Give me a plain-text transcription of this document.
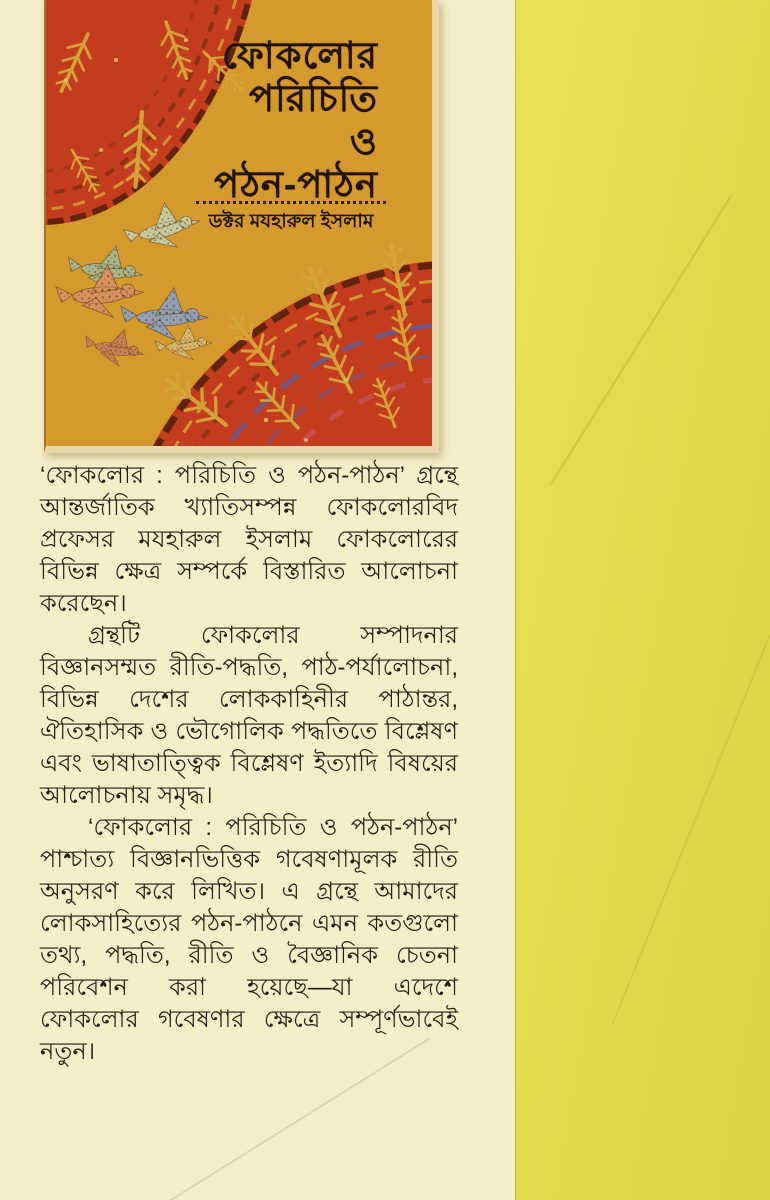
ফোকলোর
পরিচিতি
ও
পঠন-পাঠন
ডক্টর মযহারুল ইসলাম

‘ফোকলোর : পরিচিতি ও পঠন-পাঠন’ গ্রন্থে আন্তর্জাতিক খ্যাতিসম্পন্ন ফোকলোরবিদ প্রফেসর মযহারুল ইসলাম ফোকলোরের বিভিন্ন ক্ষেত্র সম্পর্কে বিস্তারিত আলোচনা করেছেন।

গ্রন্থটি ফোকলোর সম্পাদনার বিজ্ঞানসম্মত রীতি-পদ্ধতি, পাঠ-পর্যালোচনা, বিভিন্ন দেশের লোককাহিনীর পাঠান্তর, ঐতিহাসিক ও ভৌগোলিক পদ্ধতিতে বিশ্লেষণ এবং ভাষাতাত্ত্বিক বিশ্লেষণ ইত্যাদি বিষয়ের আলোচনায় সমৃদ্ধ।

‘ফোকলোর : পরিচিতি ও পঠন-পাঠন’ পাশ্চাত্য বিজ্ঞানভিত্তিক গবেষণামূলক রীতি অনুসরণ করে লিখিত। এ গ্রন্থে আমাদের লোকসাহিত্যের পঠন-পাঠনে এমন কতগুলো তথ্য, পদ্ধতি, রীতি ও বৈজ্ঞানিক চেতনা পরিবেশন করা হয়েছে—যা এদেশে ফোকলোর গবেষণার ক্ষেত্রে সম্পূর্ণভাবেই নতুন।
